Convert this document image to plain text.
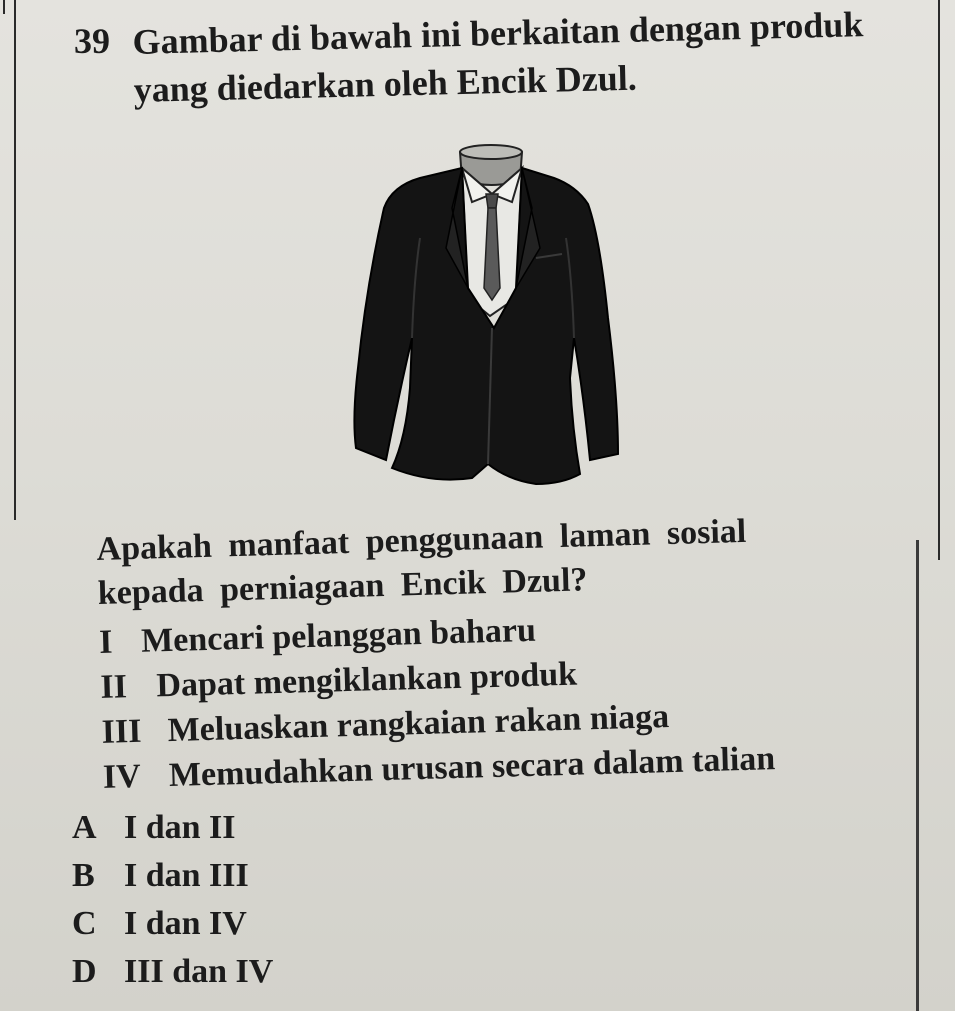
39 Gambar di bawah ini berkaitan dengan produk
yang diedarkan oleh Encik Dzul.
Apakah manfaat penggunaan laman sosial
kepada perniagaan Encik Dzul?
I Mencari pelanggan baharu
II Dapat mengiklankan produk
III Meluaskan rangkaian rakan niaga
IV Memudahkan urusan secara dalam talian
A I dan II
B I dan III
C I dan IV
D III dan IV
